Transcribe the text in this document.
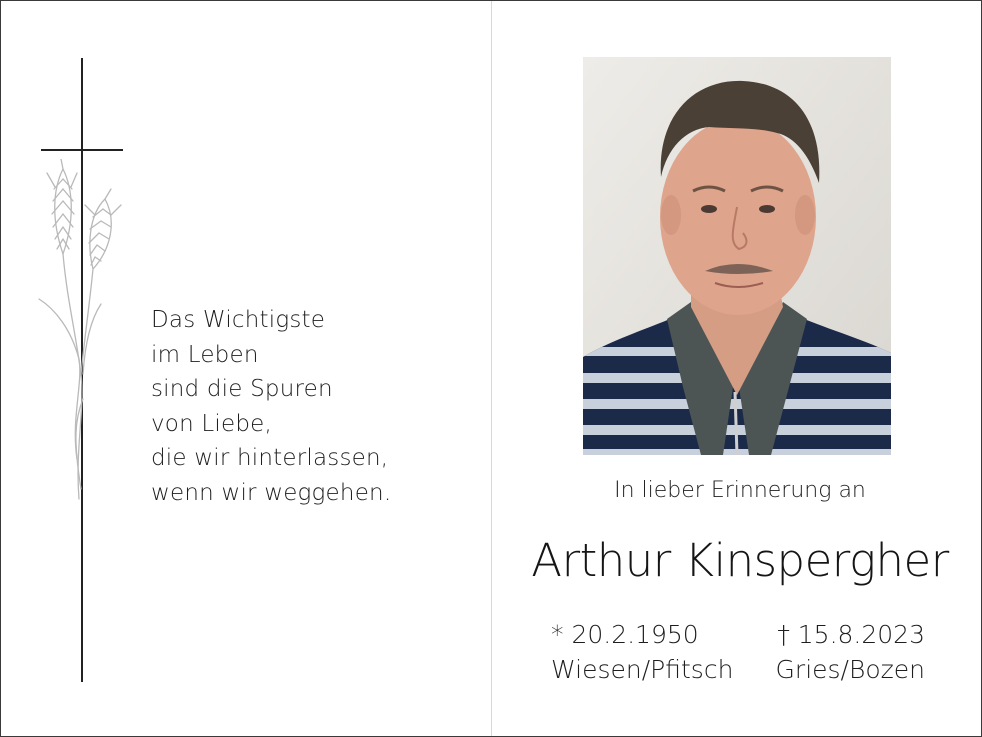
Das Wichtigste
im Leben
sind die Spuren
von Liebe,
die wir hinterlassen,
wenn wir weggehen.	In lieber Erinnerung an
Arthur Kinspergher
* 20.2.1950	† 15.8.2023
Wiesen/Pfitsch Gries/Bozen
